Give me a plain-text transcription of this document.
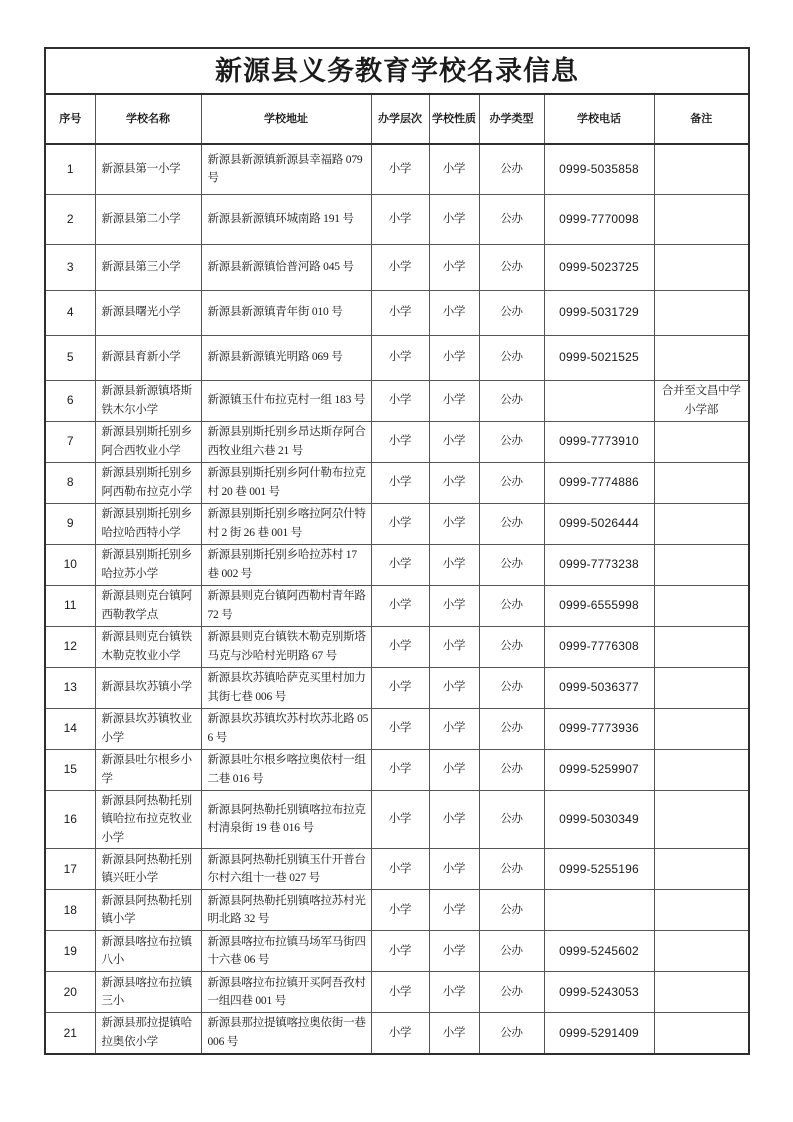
新源县义务教育学校名录信息							
序号	学校名称	学校地址	办学层次	学校性质	办学类型	学校电话	备注
1	新源县第一小学	新源县新源镇新源县幸福路 079 号	小学	小学	公办	0999-5035858	
2	新源县第二小学	新源县新源镇环城南路 191 号	小学	小学	公办	0999-7770098	
3	新源县第三小学	新源县新源镇恰普河路 045 号	小学	小学	公办	0999-5023725	
4	新源县曙光小学	新源县新源镇青年街 010 号	小学	小学	公办	0999-5031729	
5	新源县育新小学	新源县新源镇光明路 069 号	小学	小学	公办	0999-5021525	
6	新源县新源镇塔斯铁木尔小学	新源镇玉什布拉克村一组 183 号	小学	小学	公办		合并至文昌中学小学部
7	新源县别斯托别乡阿合西牧业小学	新源县别斯托别乡昂达斯存阿合西牧业组六巷 21 号	小学	小学	公办	0999-7773910	
8	新源县别斯托别乡阿西勒布拉克小学	新源县别斯托别乡阿什勒布拉克村 20 巷 001 号	小学	小学	公办	0999-7774886	
9	新源县别斯托别乡哈拉哈西特小学	新源县别斯托别乡喀拉阿尕什特村 2 街 26 巷 001 号	小学	小学	公办	0999-5026444	
10	新源县别斯托别乡哈拉苏小学	新源县别斯托别乡哈拉苏村 17 巷 002 号	小学	小学	公办	0999-7773238	
11	新源县则克台镇阿西勒教学点	新源县则克台镇阿西勒村青年路 72 号	小学	小学	公办	0999-6555998	
12	新源县则克台镇铁木勒克牧业小学	新源县则克台镇铁木勒克别斯塔马克与沙哈村光明路 67 号	小学	小学	公办	0999-7776308	
13	新源县坎苏镇小学	新源县坎苏镇哈萨克买里村加力其街七巷 006 号	小学	小学	公办	0999-5036377	
14	新源县坎苏镇牧业小学	新源县坎苏镇坎苏村坎苏北路 056 号	小学	小学	公办	0999-7773936	
15	新源县吐尔根乡小学	新源县吐尔根乡喀拉奥依村一组二巷 016 号	小学	小学	公办	0999-5259907	
16	新源县阿热勒托别镇哈拉布拉克牧业小学	新源县阿热勒托别镇喀拉布拉克村清泉街 19 巷 016 号	小学	小学	公办	0999-5030349	
17	新源县阿热勒托别镇兴旺小学	新源县阿热勒托别镇玉什开普台尔村六组十一巷 027 号	小学	小学	公办	0999-5255196	
18	新源县阿热勒托别镇小学	新源县阿热勒托别镇喀拉苏村光明北路 32 号	小学	小学	公办		
19	新源县喀拉布拉镇八小	新源县喀拉布拉镇马场军马街四十六巷 06 号	小学	小学	公办	0999-5245602	
20	新源县喀拉布拉镇三小	新源县喀拉布拉镇开买阿吾孜村一组四巷 001 号	小学	小学	公办	0999-5243053	
21	新源县那拉提镇哈拉奥依小学	新源县那拉提镇喀拉奥依街一巷 006 号	小学	小学	公办	0999-5291409	
